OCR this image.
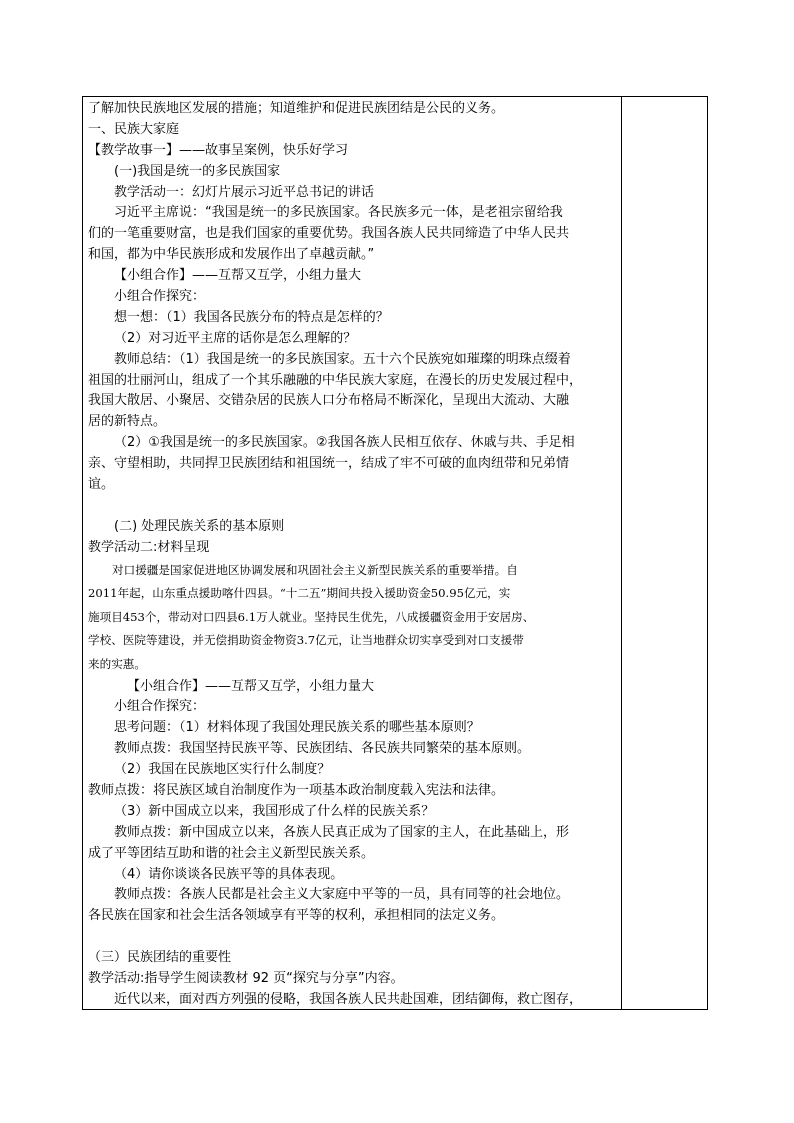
了解加快民族地区发展的措施；知道维护和促进民族团结是公民的义务。
一、民族大家庭
【教学故事一】——故事呈案例，快乐好学习
(一)我国是统一的多民族国家
教学活动一：幻灯片展示习近平总书记的讲话
习近平主席说：“我国是统一的多民族国家。各民族多元一体，是老祖宗留给我
们的一笔重要财富，也是我们国家的重要优势。我国各族人民共同缔造了中华人民共
和国，都为中华民族形成和发展作出了卓越贡献。”
【小组合作】——互帮又互学，小组力量大
小组合作探究：
想一想：（1）我国各民族分布的特点是怎样的？
（2）对习近平主席的话你是怎么理解的？
教师总结：（1）我国是统一的多民族国家。五十六个民族宛如璀璨的明珠点缀着
祖国的壮丽河山，组成了一个其乐融融的中华民族大家庭，在漫长的历史发展过程中，
我国大散居、小聚居、交错杂居的民族人口分布格局不断深化，呈现出大流动、大融
居的新特点。
（2）①我国是统一的多民族国家。②我国各族人民相互依存、休戚与共、手足相
亲、守望相助，共同捍卫民族团结和祖国统一，结成了牢不可破的血肉纽带和兄弟情
谊。
(二) 处理民族关系的基本原则
教学活动二:材料呈现
对口援疆是国家促进地区协调发展和巩固社会主义新型民族关系的重要举措。自
2011年起，山东重点援助喀什四县。“十二五”期间共投入援助资金50.95亿元，实
施项目453个，带动对口四县6.1万人就业。坚持民生优先，八成援疆资金用于安居房、
学校、医院等建设，并无偿捐助资金物资3.7亿元，让当地群众切实享受到对口支援带
来的实惠。
【小组合作】——互帮又互学，小组力量大
小组合作探究：
思考问题：（1）材料体现了我国处理民族关系的哪些基本原则？
教师点拨：我国坚持民族平等、民族团结、各民族共同繁荣的基本原则。
（2）我国在民族地区实行什么制度？
教师点拨：将民族区域自治制度作为一项基本政治制度载入宪法和法律。
（3）新中国成立以来，我国形成了什么样的民族关系？
教师点拨：新中国成立以来，各族人民真正成为了国家的主人，在此基础上，形
成了平等团结互助和谐的社会主义新型民族关系。
（4）请你谈谈各民族平等的具体表现。
教师点拨：各族人民都是社会主义大家庭中平等的一员，具有同等的社会地位。
各民族在国家和社会生活各领域享有平等的权利，承担相同的法定义务。
（三）民族团结的重要性
教学活动:指导学生阅读教材 92 页“探究与分享”内容。
近代以来，面对西方列强的侵略，我国各族人民共赴国难，团结御侮，救亡图存，
